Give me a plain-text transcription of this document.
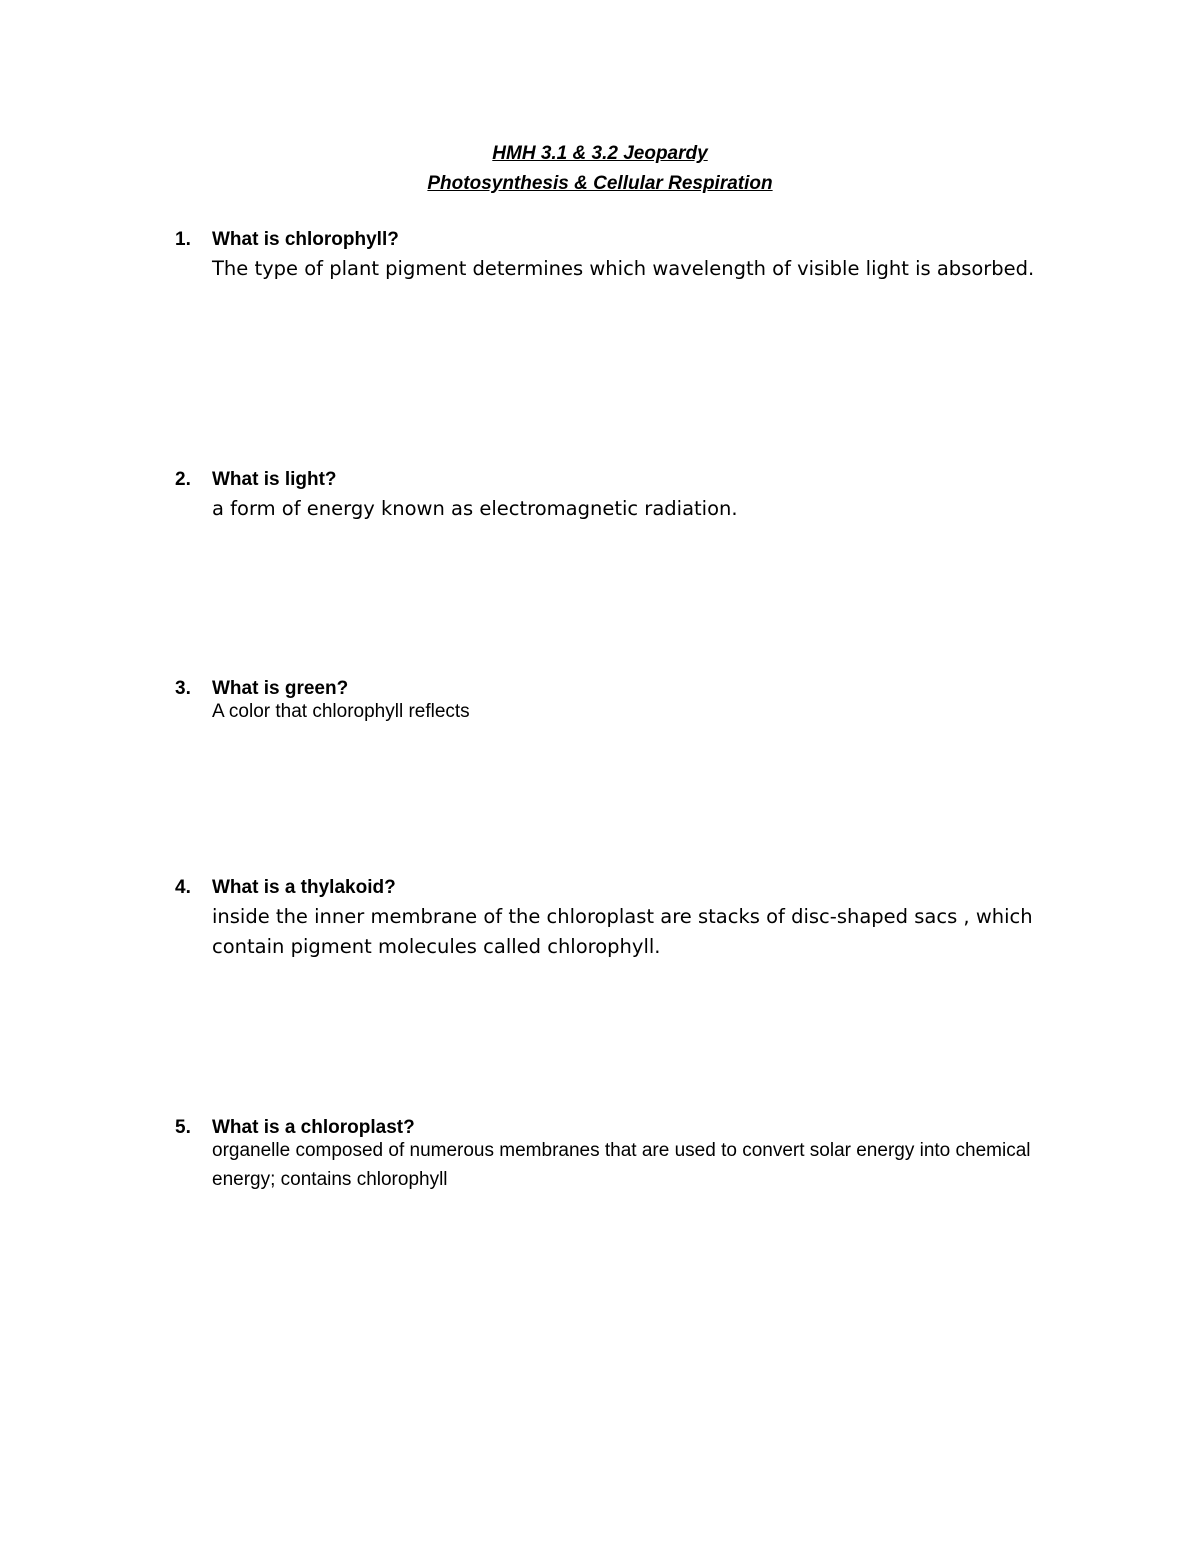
HMH 3.1 & 3.2 Jeopardy
Photosynthesis & Cellular Respiration
1. What is chlorophyll?
The type of plant pigment determines which wavelength of visible light is absorbed.
2. What is light?
a form of energy known as electromagnetic radiation.
3. What is green?
A color that chlorophyll reflects
4. What is a thylakoid?
inside the inner membrane of the chloroplast are stacks of disc-shaped sacs , which contain pigment molecules called chlorophyll.
5. What is a chloroplast?
organelle composed of numerous membranes that are used to convert solar energy into chemical energy; contains chlorophyll
